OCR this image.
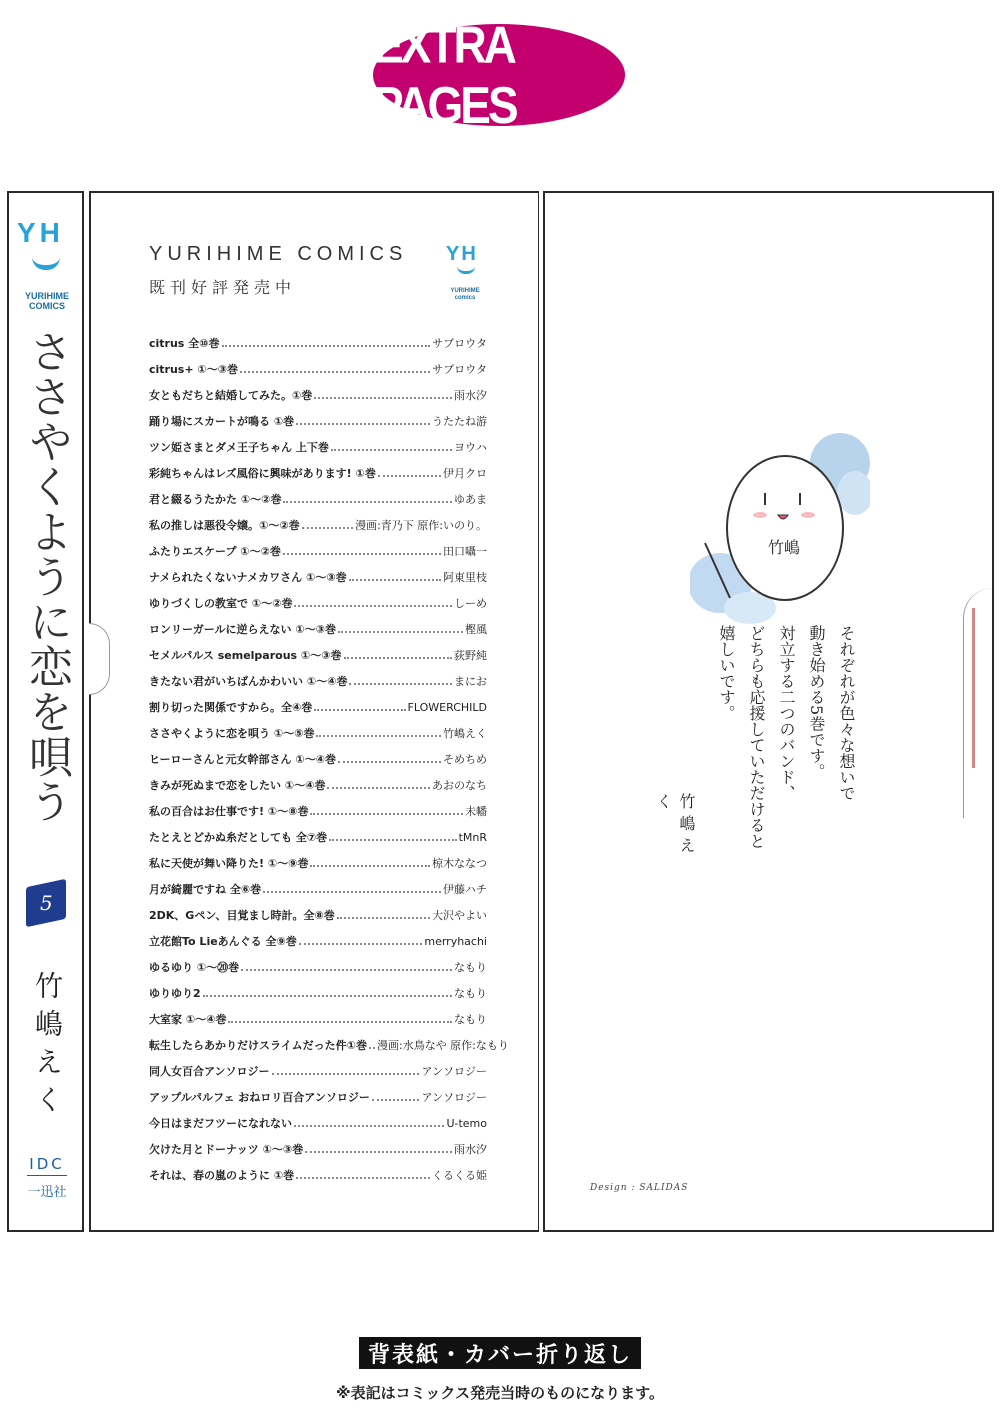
EXTRA PAGES
YH
YURIHIME
COMICS
ささやくように恋を唄う
5
竹嶋えく
IDC
一迅社
YURIHIME COMICS
既刊好評発売中
YH
YURIHIME
comics
citrus 全⑩巻	サブロウタ
citrus+ ①～③巻	サブロウタ
女ともだちと結婚してみた。①巻	雨水汐
踊り場にスカートが鳴る ①巻	うたたね游
ツン姫さまとダメ王子ちゃん 上下巻	ヨウハ
彩純ちゃんはレズ風俗に興味があります! ①巻	伊月クロ
君と綴るうたかた ①～②巻	ゆあま
私の推しは悪役令嬢。①～②巻	漫画:青乃下 原作:いのり。
ふたりエスケープ ①～②巻	田口囁一
ナメられたくないナメカワさん ①～③巻	阿東里枝
ゆりづくしの教室で ①～②巻	しーめ
ロンリーガールに逆らえない ①～③巻	樫風
セメルパルス semelparous ①～③巻	荻野純
きたない君がいちばんかわいい ①～④巻	まにお
割り切った関係ですから。全④巻	FLOWERCHILD
ささやくように恋を唄う ①～⑤巻	竹嶋えく
ヒーローさんと元女幹部さん ①～④巻	そめちめ
きみが死ぬまで恋をしたい ①～④巻	あおのなち
私の百合はお仕事です! ①～⑧巻	未幡
たとえとどかぬ糸だとしても 全⑦巻	tMnR
私に天使が舞い降りた! ①～⑨巻	椋木ななつ
月が綺麗ですね 全⑥巻	伊藤ハチ
2DK、Gペン、目覚まし時計。全⑧巻	大沢やよい
立花館To Lieあんぐる 全⑨巻	merryhachi
ゆるゆり ①～⑳巻	なもり
ゆりゆり2	なもり
大室家 ①～④巻	なもり
転生したらあかりだけスライムだった件①巻 漫画:水鳥なや 原作:なもり
同人女百合アンソロジー	アンソロジー
アップルパルフェ おねロリ百合アンソロジー	アンソロジー
今日はまだフツーになれない	U-temo
欠けた月とドーナッツ ①～③巻	雨水汐
それは、春の嵐のように ①巻	くるくる姫
竹嶋
それぞれが色々な想いで
動き始める5巻です。
対立する二つのバンド、
どちらも応援していただけると
嬉しいです。
竹嶋えく
Design : SALIDAS
背表紙・カバー折り返し
※表記はコミックス発売当時のものになります。
